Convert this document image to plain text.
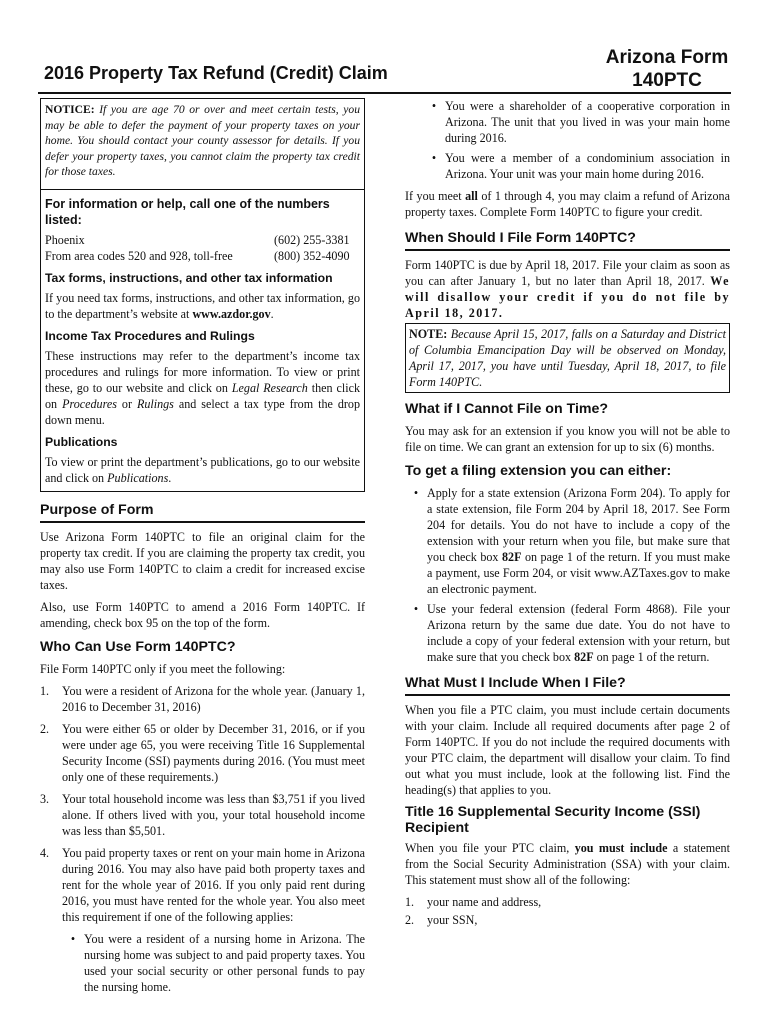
Arizona Form
140PTC
2016 Property Tax Refund (Credit) Claim
NOTICE: If you are age 70 or over and meet certain tests, you may be able to defer the payment of your property taxes on your home. You should contact your county assessor for details. If you defer your property taxes, you cannot claim the property tax credit for those taxes.
For information or help, call one of the numbers listed:
Phoenix	(602) 255-3381
From area codes 520 and 928, toll-free	(800) 352-4090
Tax forms, instructions, and other tax information

If you need tax forms, instructions, and other tax information, go to the department’s website at www.azdor.gov.

Income Tax Procedures and Rulings

These instructions may refer to the department’s income tax procedures and rulings for more information. To view or print these, go to our website and click on Legal Research then click on Procedures or Rulings and select a tax type from the drop down menu.

Publications

To view or print the department’s publications, go to our website and click on Publications.

Purpose of Form

Use Arizona Form 140PTC to file an original claim for the property tax credit. If you are claiming the property tax credit, you may also use Form 140PTC to claim a credit for increased excise taxes.

Also, use Form 140PTC to amend a 2016 Form 140PTC. If amending, check box 95 on the top of the form.

Who Can Use Form 140PTC?

File Form 140PTC only if you meet the following:

1.	You were a resident of Arizona for the whole year. (January 1, 2016 to December 31, 2016)
2.	You were either 65 or older by December 31, 2016, or if you were under age 65, you were receiving Title 16 Supplemental Security Income (SSI) payments during 2016. (You must meet only one of these requirements.)
3.	Your total household income was less than $3,751 if you lived alone. If others lived with you, your total household income was less than $5,501.
4.	You paid property taxes or rent on your main home in Arizona during 2016. You may also have paid both property taxes and rent for the whole year of 2016. If you only paid rent during 2016, you must have rented for the whole year. You also meet this requirement if one of the following applies:
• You were a resident of a nursing home in Arizona. The nursing home was subject to and paid property taxes. You used your social security or other personal funds to pay the nursing home.
• You were a shareholder of a cooperative corporation in Arizona. The unit that you lived in was your main home during 2016.
• You were a member of a condominium association in Arizona. Your unit was your main home during 2016.

If you meet all of 1 through 4, you may claim a refund of Arizona property taxes. Complete Form 140PTC to figure your credit.

When Should I File Form 140PTC?

Form 140PTC is due by April 18, 2017. File your claim as soon as you can after January 1, but no later than April 18, 2017. We will disallow your credit if you do not file by April 18, 2017.

NOTE: Because April 15, 2017, falls on a Saturday and District of Columbia Emancipation Day will be observed on Monday, April 17, 2017, you have until Tuesday, April 18, 2017, to file Form 140PTC.
What if I Cannot File on Time?

You may ask for an extension if you know you will not be able to file on time. We can grant an extension for up to six (6) months.

To get a filing extension you can either:
• Apply for a state extension (Arizona Form 204). To apply for a state extension, file Form 204 by April 18, 2017. See Form 204 for details. You do not have to include a copy of the extension with your return when you file, but make sure that you check box 82F on page 1 of the return. If you must make a payment, use Form 204, or visit www.AZTaxes.gov to make an electronic payment.
• Use your federal extension (federal Form 4868). File your Arizona return by the same due date. You do not have to include a copy of your federal extension with your return, but make sure that you check box 82F on page 1 of the return.
What Must I Include When I File?

When you file a PTC claim, you must include certain documents with your claim. Include all required documents after page 2 of Form 140PTC. If you do not include the required documents with your PTC claim, the department will disallow your claim. To find out what you must include, look at the following list. Find the heading(s) that applies to you.

Title 16 Supplemental Security Income (SSI) Recipient

When you file your PTC claim, you must include a statement from the Social Security Administration (SSA) with your claim. This statement must show all of the following:

1.	your name and address,
2.	your SSN,
